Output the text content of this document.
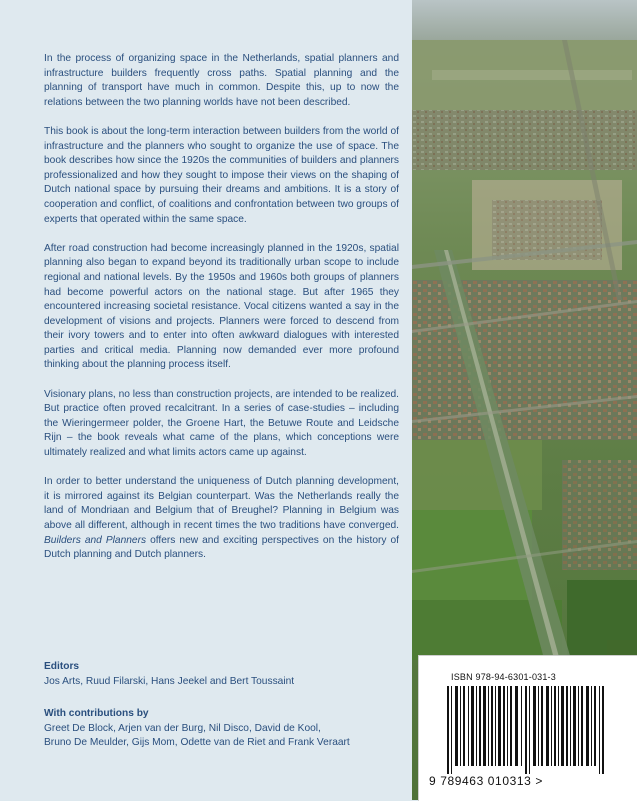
In the process of organizing space in the Netherlands, spatial planners and infrastructure builders frequently cross paths. Spatial planning and the planning of transport have much in common. Despite this, up to now the relations between the two planning worlds have not been described.

This book is about the long-term interaction between builders from the world of infrastructure and the planners who sought to organize the use of space. The book describes how since the 1920s the communities of builders and planners professionalized and how they sought to impose their views on the shaping of Dutch national space by pursuing their dreams and ambitions. It is a story of cooperation and conflict, of coalitions and confrontation between two groups of experts that operated within the same space.

After road construction had become increasingly planned in the 1920s, spatial planning also began to expand beyond its traditionally urban scope to include regional and national levels. By the 1950s and 1960s both groups of planners had become powerful actors on the national stage. But after 1965 they encountered increasing societal resistance. Vocal citizens wanted a say in the development of visions and projects. Planners were forced to descend from their ivory towers and to enter into often awkward dialogues with interested parties and critical media. Planning now demanded ever more profound thinking about the planning process itself.

Visionary plans, no less than construction projects, are intended to be realized. But practice often proved recalcitrant. In a series of case-studies – including the Wieringermeer polder, the Groene Hart, the Betuwe Route and Leidsche Rijn – the book reveals what came of the plans, which conceptions were ultimately realized and what limits actors came up against.

In order to better understand the uniqueness of Dutch planning development, it is mirrored against its Belgian counterpart. Was the Netherlands really the land of Mondriaan and Belgium that of Breughel? Planning in Belgium was above all different, although in recent times the two traditions have converged. Builders and Planners offers new and exciting perspectives on the history of Dutch planning and Dutch planners.

Editors
Jos Arts, Ruud Filarski, Hans Jeekel and Bert Toussaint
With contributions by
Greet De Block, Arjen van der Burg, Nil Disco, David de Kool,
Bruno De Meulder, Gijs Mom, Odette van de Riet and Frank Veraart
ISBN 978-94-6301-031-3
9 789463 010313 >
